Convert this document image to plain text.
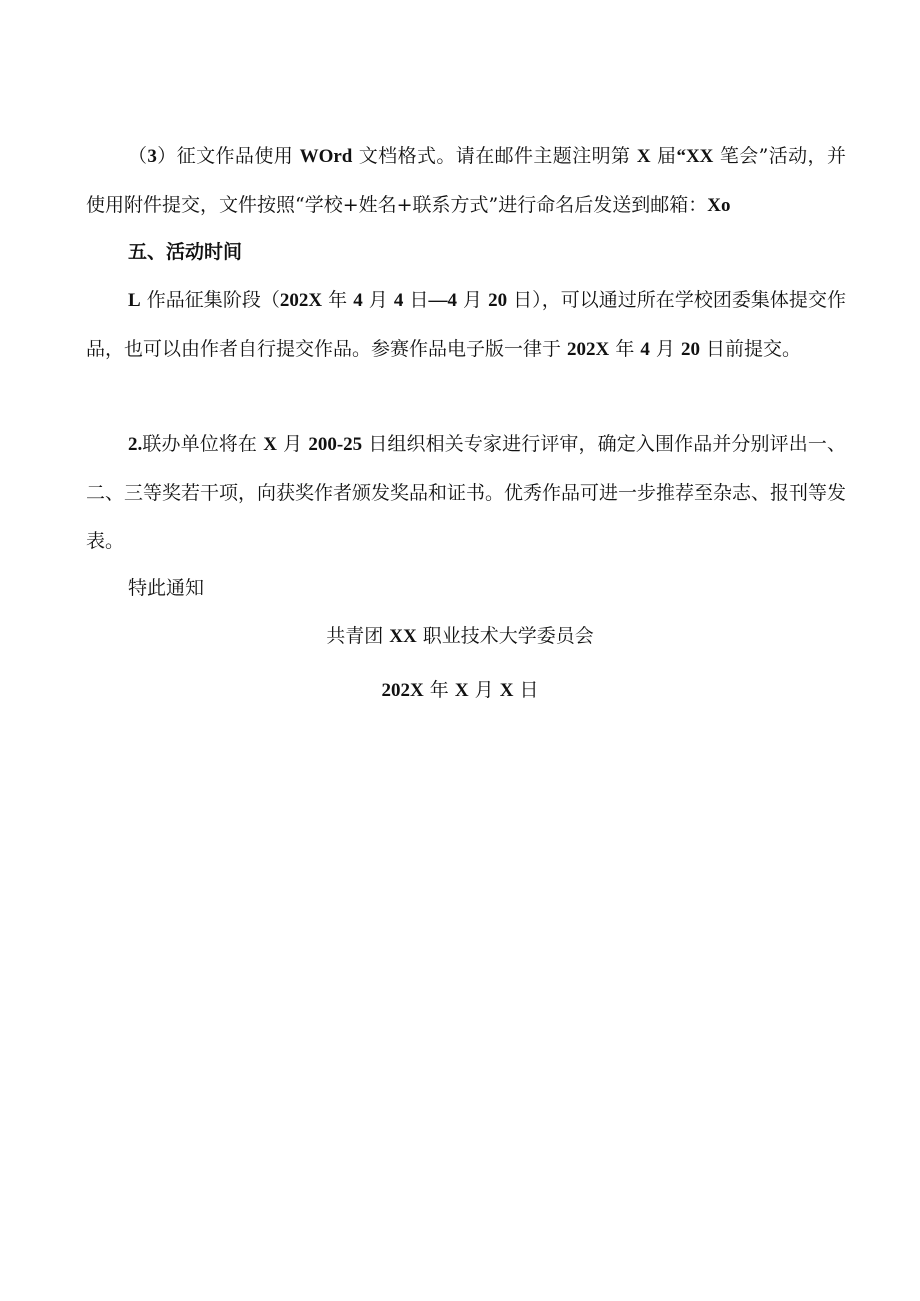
（3）征文作品使用 WOrd 文档格式。请在邮件主题注明第 X 届“XX 笔会”活动，并使用附件提交，文件按照“学校+姓名+联系方式”进行命名后发送到邮箱：Xo

五、活动时间

L 作品征集阶段（202X 年 4 月 4 日—4 月 20 日），可以通过所在学校团委集体提交作品，也可以由作者自行提交作品。参赛作品电子版一律于 202X 年 4 月 20 日前提交。

2.联办单位将在 X 月 200-25 日组织相关专家进行评审，确定入围作品并分别评出一、二、三等奖若干项，向获奖作者颁发奖品和证书。优秀作品可进一步推荐至杂志、报刊等发表。

特此通知

共青团 XX 职业技术大学委员会

202X 年 X 月 X 日
